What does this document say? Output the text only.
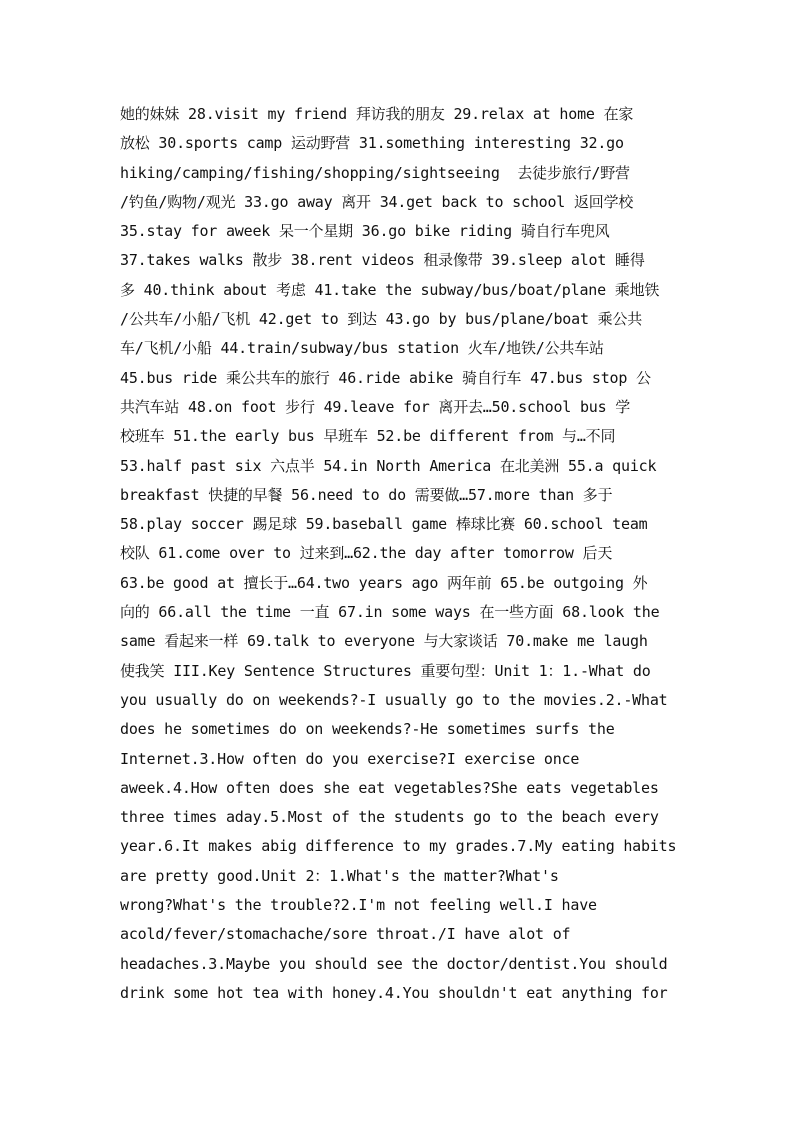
她的妹妹 28.visit my friend 拜访我的朋友 29.relax at home 在家
放松 30.sports camp 运动野营 31.something interesting 32.go
hiking/camping/fishing/shopping/sightseeing  去徒步旅行/野营
/钓鱼/购物/观光 33.go away 离开 34.get back to school 返回学校
35.stay for aweek 呆一个星期 36.go bike riding 骑自行车兜风
37.takes walks 散步 38.rent videos 租录像带 39.sleep alot 睡得
多 40.think about 考虑 41.take the subway/bus/boat/plane 乘地铁
/公共车/小船/飞机 42.get to 到达 43.go by bus/plane/boat 乘公共
车/飞机/小船 44.train/subway/bus station 火车/地铁/公共车站
45.bus ride 乘公共车的旅行 46.ride abike 骑自行车 47.bus stop 公
共汽车站 48.on foot 步行 49.leave for 离开去…50.school bus 学
校班车 51.the early bus 早班车 52.be different from 与…不同
53.half past six 六点半 54.in North America 在北美洲 55.a quick
breakfast 快捷的早餐 56.need to do 需要做…57.more than 多于
58.play soccer 踢足球 59.baseball game 棒球比赛 60.school team
校队 61.come over to 过来到…62.the day after tomorrow 后天
63.be good at 擅长于…64.two years ago 两年前 65.be outgoing 外
向的 66.all the time 一直 67.in some ways 在一些方面 68.look the
same 看起来一样 69.talk to everyone 与大家谈话 70.make me laugh
使我笑 III.Key Sentence Structures 重要句型：Unit 1：1.-What do
you usually do on weekends?-I usually go to the movies.2.-What
does he sometimes do on weekends?-He sometimes surfs the
Internet.3.How often do you exercise?I exercise once
aweek.4.How often does she eat vegetables?She eats vegetables
three times aday.5.Most of the students go to the beach every
year.6.It makes abig difference to my grades.7.My eating habits
are pretty good.Unit 2：1.What's the matter?What's
wrong?What's the trouble?2.I'm not feeling well.I have
acold/fever/stomachache/sore throat./I have alot of
headaches.3.Maybe you should see the doctor/dentist.You should
drink some hot tea with honey.4.You shouldn't eat anything for
